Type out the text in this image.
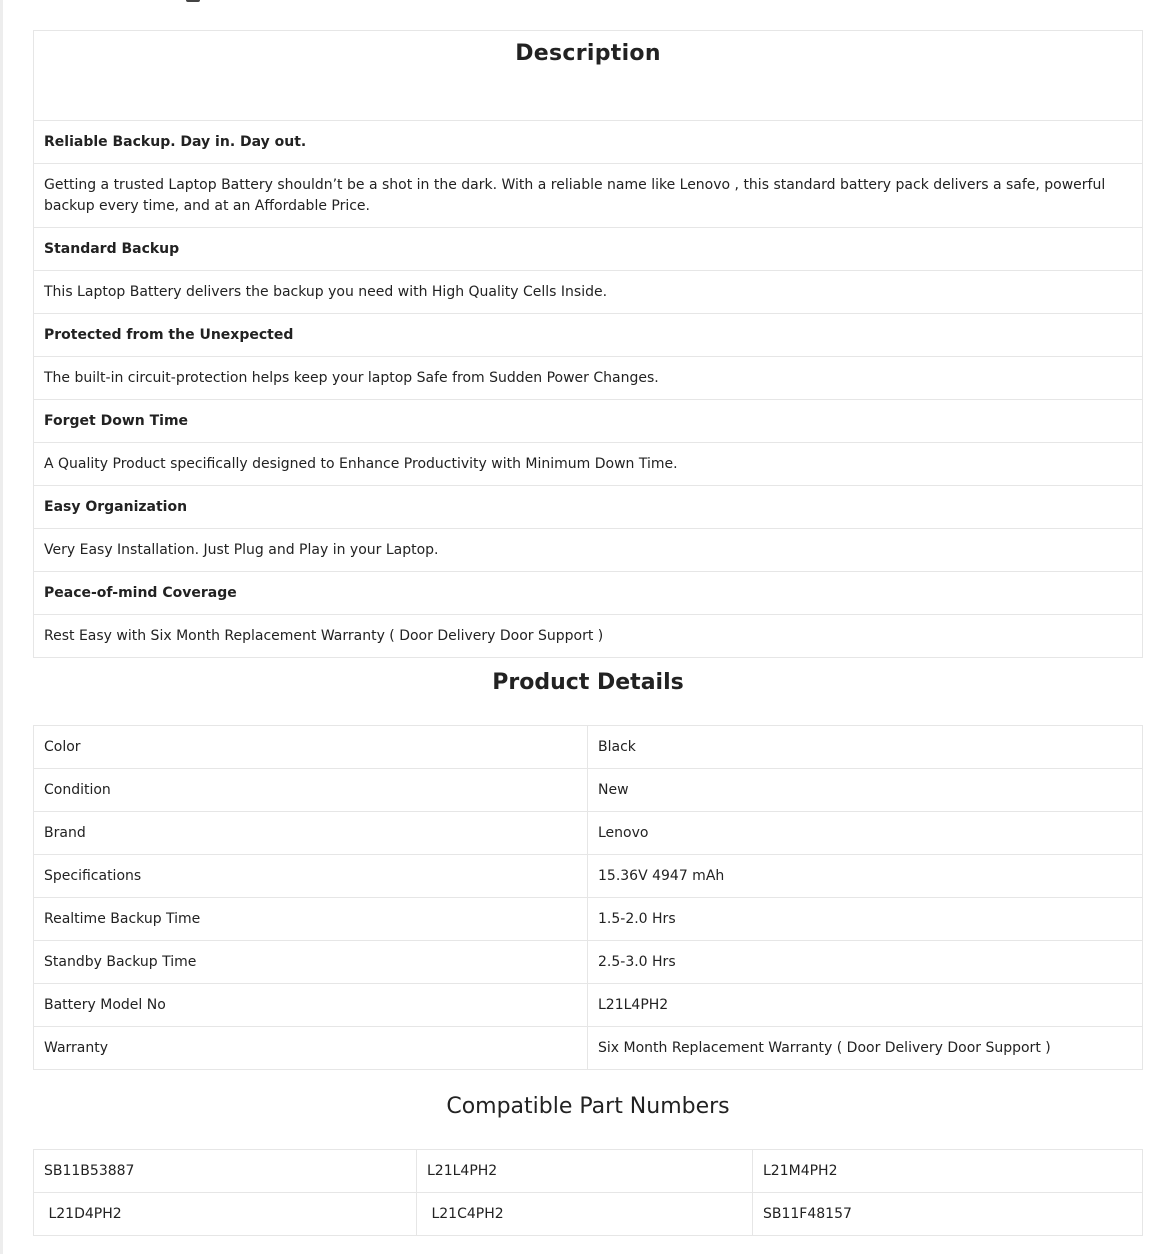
Description
Reliable Backup. Day in. Day out.
Getting a trusted Laptop Battery shouldn’t be a shot in the dark. With a reliable name like Lenovo , this standard battery pack delivers a safe, powerful backup every time, and at an Affordable Price.
Standard Backup
This Laptop Battery delivers the backup you need with High Quality Cells Inside.
Protected from the Unexpected
The built-in circuit-protection helps keep your laptop Safe from Sudden Power Changes.
Forget Down Time
A Quality Product specifically designed to Enhance Productivity with Minimum Down Time.
Easy Organization
Very Easy Installation. Just Plug and Play in your Laptop.
Peace-of-mind Coverage
Rest Easy with Six Month Replacement Warranty ( Door Delivery Door Support )
Product Details
Color	Black
Condition	New
Brand	Lenovo
Specifications	15.36V 4947 mAh
Realtime Backup Time	1.5-2.0 Hrs
Standby Backup Time	2.5-3.0 Hrs
Battery Model No	L21L4PH2
Warranty	Six Month Replacement Warranty ( Door Delivery Door Support )
Compatible Part Numbers
SB11B53887	L21L4PH2	L21M4PH2
L21D4PH2	L21C4PH2	SB11F48157
